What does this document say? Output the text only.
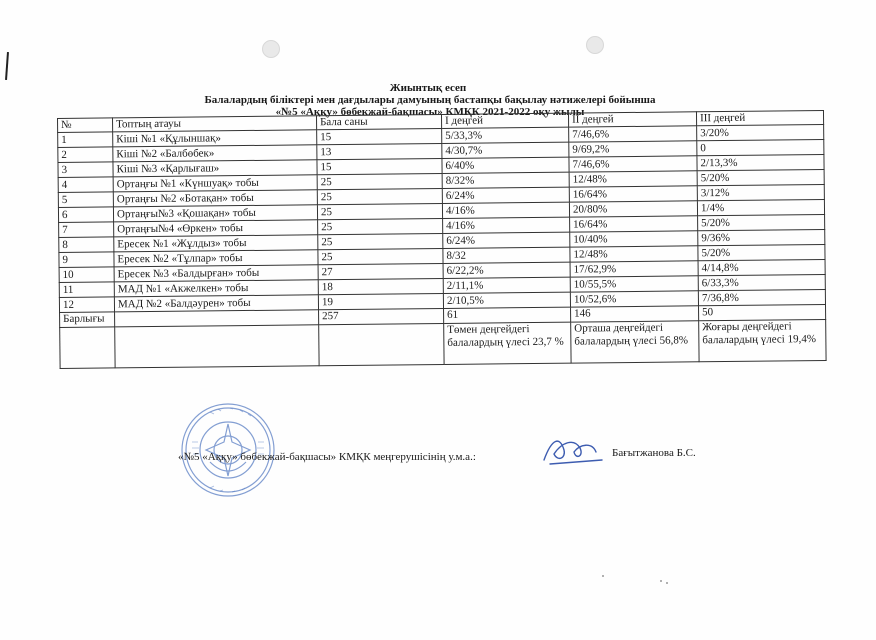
Жиынтық есеп
Балалардың біліктері мен дағдылары дамуының бастапқы бақылау нәтижелері бойынша
«№5 «Аққу» бөбекжай-бақшасы» КМҚК 2021-2022 оқу жылы
№	Топтың атауы	Бала саны	І деңгей	ІІ деңгей	ІІІ деңгей
1	Кіші №1 «Құлыншақ»	15	5/33,3%	7/46,6%	3/20%
2	Кіші №2 «Балбөбек»	13	4/30,7%	9/69,2%	0
3	Кіші №3 «Қарлығаш»	15	6/40%	7/46,6%	2/13,3%
4	Ортаңғы №1 «Күншуақ» тобы	25	8/32%	12/48%	5/20%
5	Ортаңғы №2 «Ботақан» тобы	25	6/24%	16/64%	3/12%
6	Ортаңғы№3 «Қошақан» тобы	25	4/16%	20/80%	1/4%
7	Ортаңғы№4 «Өркен» тобы	25	4/16%	16/64%	5/20%
8	Ересек №1 «Жұлдыз» тобы	25	6/24%	10/40%	9/36%
9	Ересек №2 «Тұлпар» тобы	25	8/32	12/48%	5/20%
10	Ересек №3 «Балдырған» тобы	27	6/22,2%	17/62,9%	4/14,8%
11	МАД №1 «Акжелкен» тобы	18	2/11,1%	10/55,5%	6/33,3%
12	МАД №2 «Балдәурен» тобы	19	2/10,5%	10/52,6%	7/36,8%
Барлығы		257	61	146	50
			Төмен деңгейдегі балалардың үлесі 23,7 %	Орташа деңгейдегі балалардың үлесі 56,8%	Жоғары деңгейдегі балалардың үлесі 19,4%
«№5 «Аққу» бөбекжай-бақшасы» КМҚК меңгерушісінің у.м.а.:	Бағытжанова Б.С.
